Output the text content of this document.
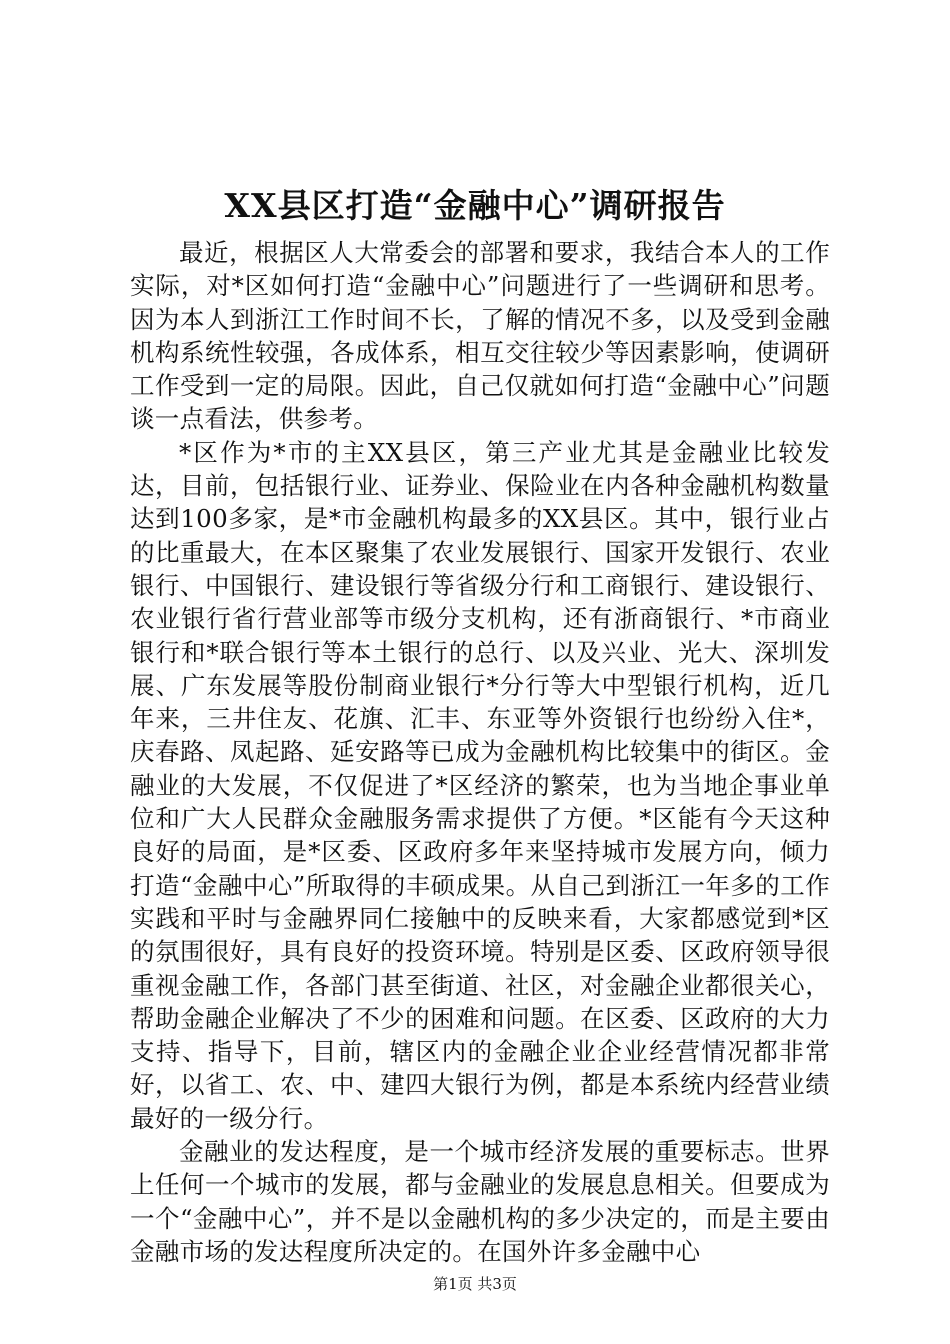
XX县区打造“金融中心”调研报告

最近，根据区人大常委会的部署和要求，我结合本人的工作实际，对*区如何打造“金融中心”问题进行了一些调研和思考。因为本人到浙江工作时间不长，了解的情况不多，以及受到金融机构系统性较强，各成体系，相互交往较少等因素影响，使调研工作受到一定的局限。因此，自己仅就如何打造“金融中心”问题谈一点看法，供参考。

*区作为*市的主XX县区，第三产业尤其是金融业比较发达，目前，包括银行业、证券业、保险业在内各种金融机构数量达到100多家，是*市金融机构最多的XX县区。其中，银行业占的比重最大，在本区聚集了农业发展银行、国家开发银行、农业银行、中国银行、建设银行等省级分行和工商银行、建设银行、农业银行省行营业部等市级分支机构，还有浙商银行、*市商业银行和*联合银行等本土银行的总行、以及兴业、光大、深圳发展、广东发展等股份制商业银行*分行等大中型银行机构，近几年来，三井住友、花旗、汇丰、东亚等外资银行也纷纷入住*，庆春路、凤起路、延安路等已成为金融机构比较集中的街区。金融业的大发展，不仅促进了*区经济的繁荣，也为当地企事业单位和广大人民群众金融服务需求提供了方便。*区能有今天这种良好的局面，是*区委、区政府多年来坚持城市发展方向，倾力打造“金融中心”所取得的丰硕成果。从自己到浙江一年多的工作实践和平时与金融界同仁接触中的反映来看，大家都感觉到*区的氛围很好，具有良好的投资环境。特别是区委、区政府领导很重视金融工作，各部门甚至街道、社区，对金融企业都很关心，帮助金融企业解决了不少的困难和问题。在区委、区政府的大力支持、指导下，目前，辖区内的金融企业企业经营情况都非常好，以省工、农、中、建四大银行为例，都是本系统内经营业绩最好的一级分行。

金融业的发达程度，是一个城市经济发展的重要标志。世界上任何一个城市的发展，都与金融业的发展息息相关。但要成为一个“金融中心”，并不是以金融机构的多少决定的，而是主要由金融市场的发达程度所决定的。在国外许多金融中心

第1页 共3页
